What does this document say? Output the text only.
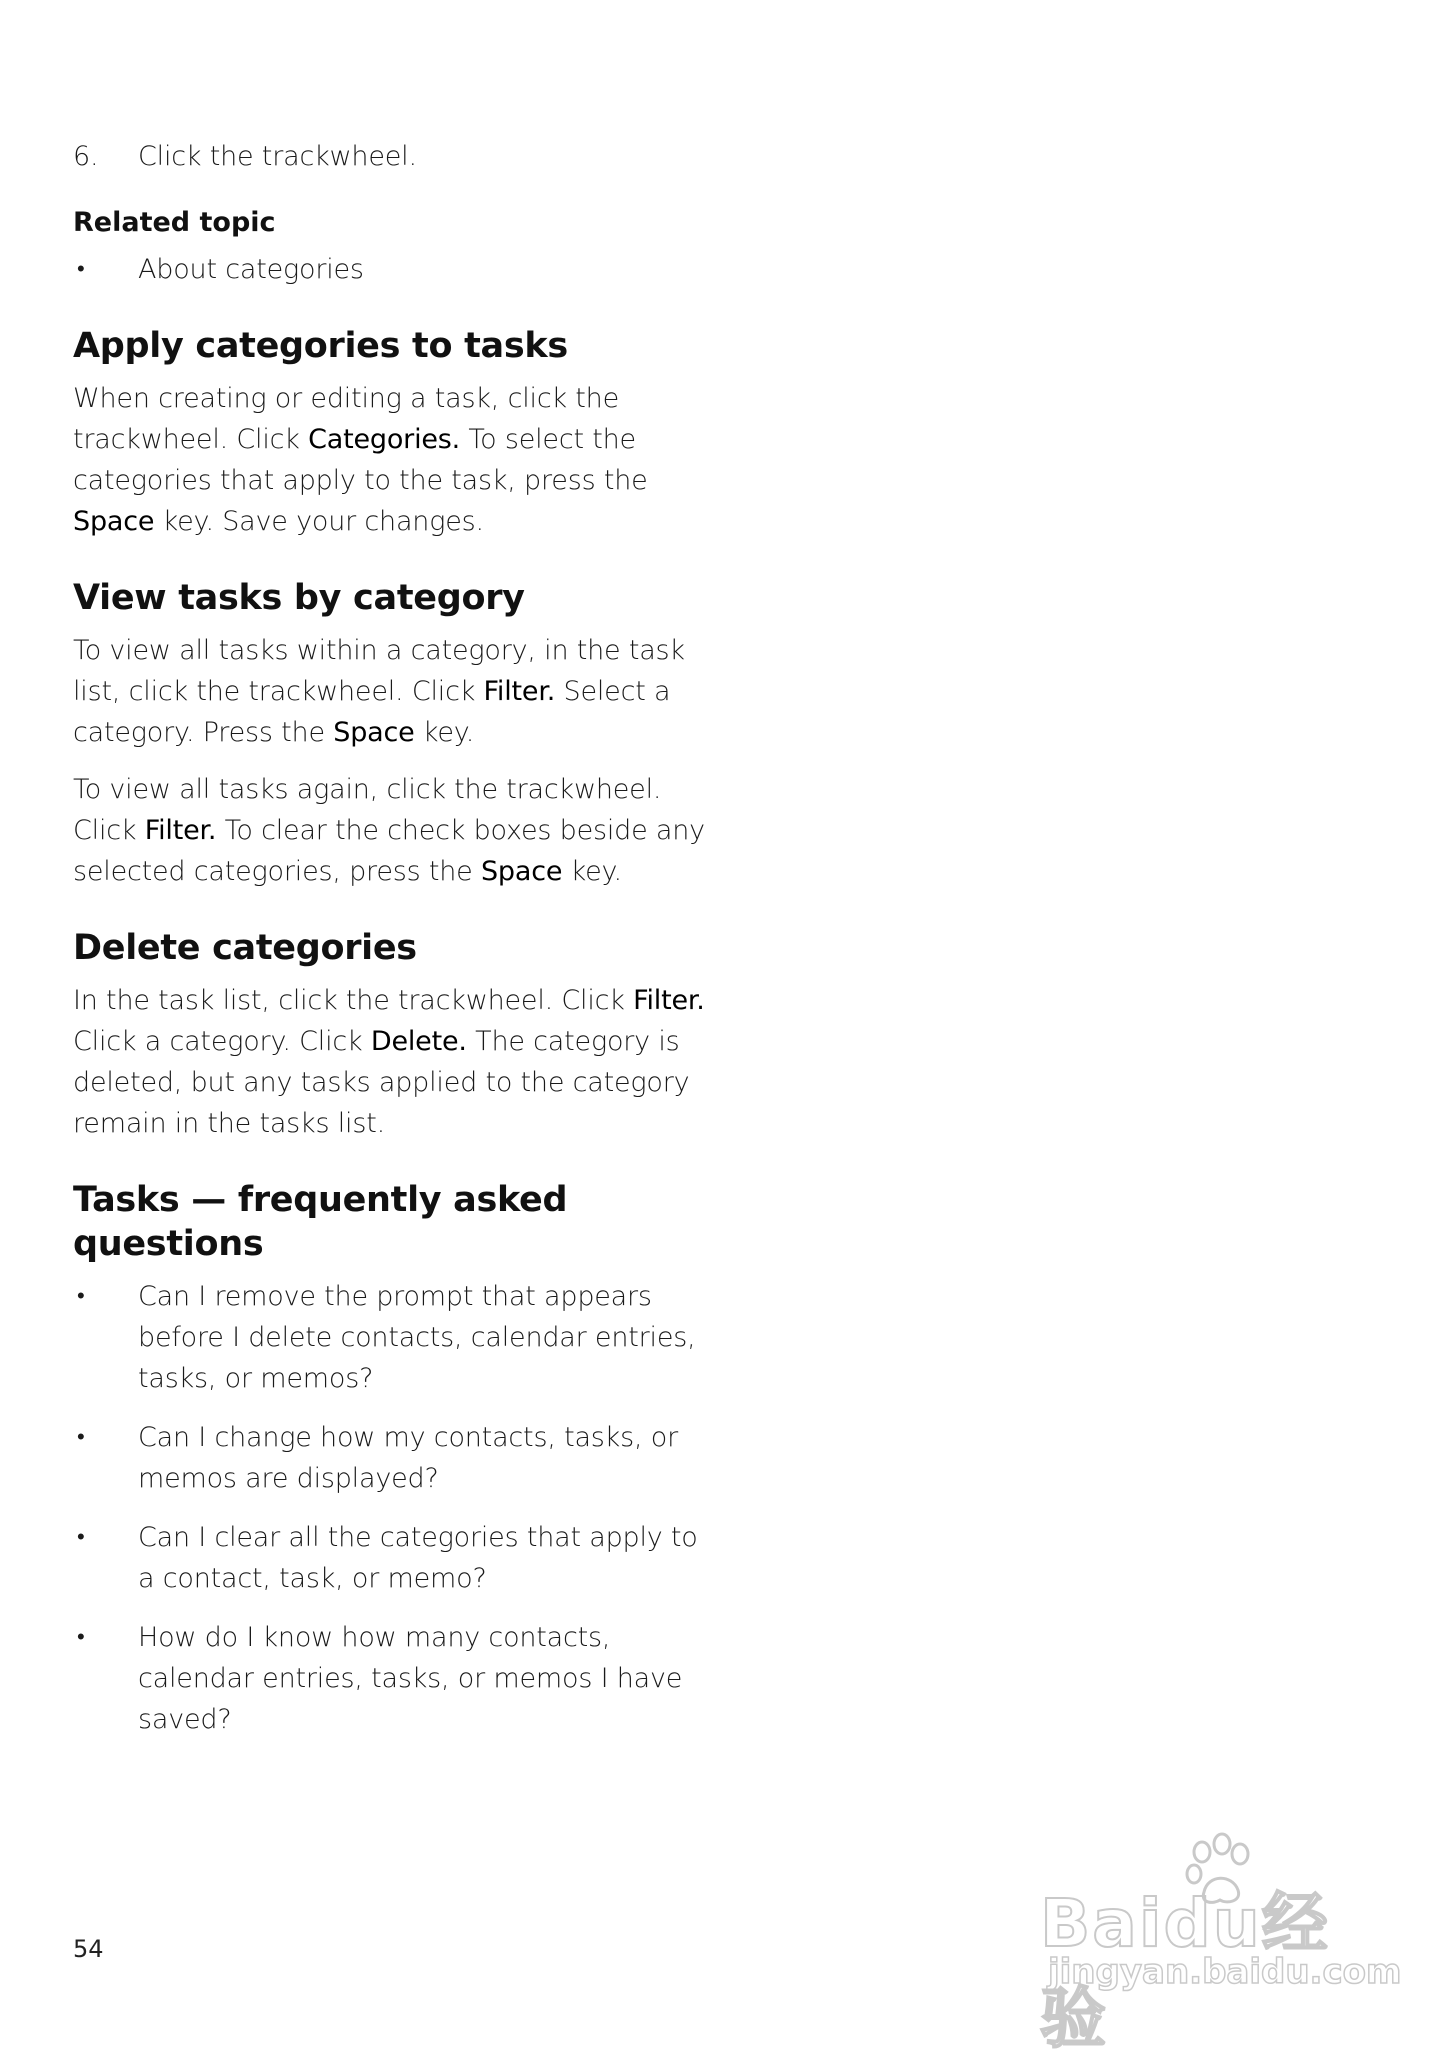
6.	Click the trackwheel.
Related topic
•	About categories
Apply categories to tasks

When creating or editing a task, click the trackwheel. Click Categories. To select the categories that apply to the task, press the Space key. Save your changes.

View tasks by category

To view all tasks within a category, in the task list, click the trackwheel. Click Filter. Select a category. Press the Space key.

To view all tasks again, click the trackwheel. Click Filter. To clear the check boxes beside any selected categories, press the Space key.

Delete categories

In the task list, click the trackwheel. Click Filter. Click a category. Click Delete. The category is deleted, but any tasks applied to the category remain in the tasks list.

Tasks — frequently asked questions
•	Can I remove the prompt that appears before I delete contacts, calendar entries, tasks, or memos?
•	Can I change how my contacts, tasks, or memos are displayed?
•	Can I clear all the categories that apply to a contact, task, or memo?
•	How do I know how many contacts, calendar entries, tasks, or memos I have saved?
54	Baidu经验
jingyan.baidu.com
